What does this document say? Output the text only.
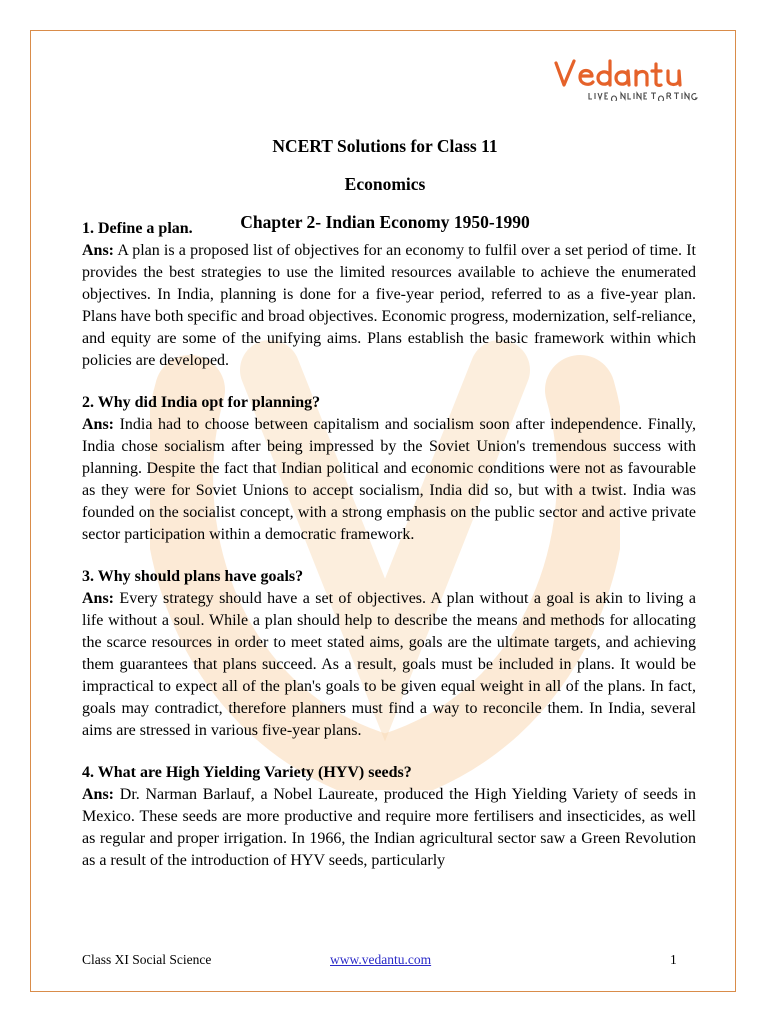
NCERT Solutions for Class 11
Economics
Chapter 2- Indian Economy 1950-1990
1. Define a plan.
Ans: A plan is a proposed list of objectives for an economy to fulfil over a set period of time. It provides the best strategies to use the limited resources available to achieve the enumerated objectives. In India, planning is done for a five-year period, referred to as a five-year plan. Plans have both specific and broad objectives. Economic progress, modernization, self-reliance, and equity are some of the unifying aims. Plans establish the basic framework within which policies are developed.
2. Why did India opt for planning?
Ans: India had to choose between capitalism and socialism soon after independence. Finally, India chose socialism after being impressed by the Soviet Union's tremendous success with planning. Despite the fact that Indian political and economic conditions were not as favourable as they were for Soviet Unions to accept socialism, India did so, but with a twist. India was founded on the socialist concept, with a strong emphasis on the public sector and active private sector participation within a democratic framework.
3. Why should plans have goals?
Ans: Every strategy should have a set of objectives. A plan without a goal is akin to living a life without a soul. While a plan should help to describe the means and methods for allocating the scarce resources in order to meet stated aims, goals are the ultimate targets, and achieving them guarantees that plans succeed. As a result, goals must be included in plans. It would be impractical to expect all of the plan's goals to be given equal weight in all of the plans. In fact, goals may contradict, therefore planners must find a way to reconcile them. In India, several aims are stressed in various five-year plans.
4. What are High Yielding Variety (HYV) seeds?
Ans: Dr. Narman Barlauf, a Nobel Laureate, produced the High Yielding Variety of seeds in Mexico. These seeds are more productive and require more fertilisers and insecticides, as well as regular and proper irrigation. In 1966, the Indian agricultural sector saw a Green Revolution as a result of the introduction of HYV seeds, particularly
Class XI Social Science	www.vedantu.com	1
